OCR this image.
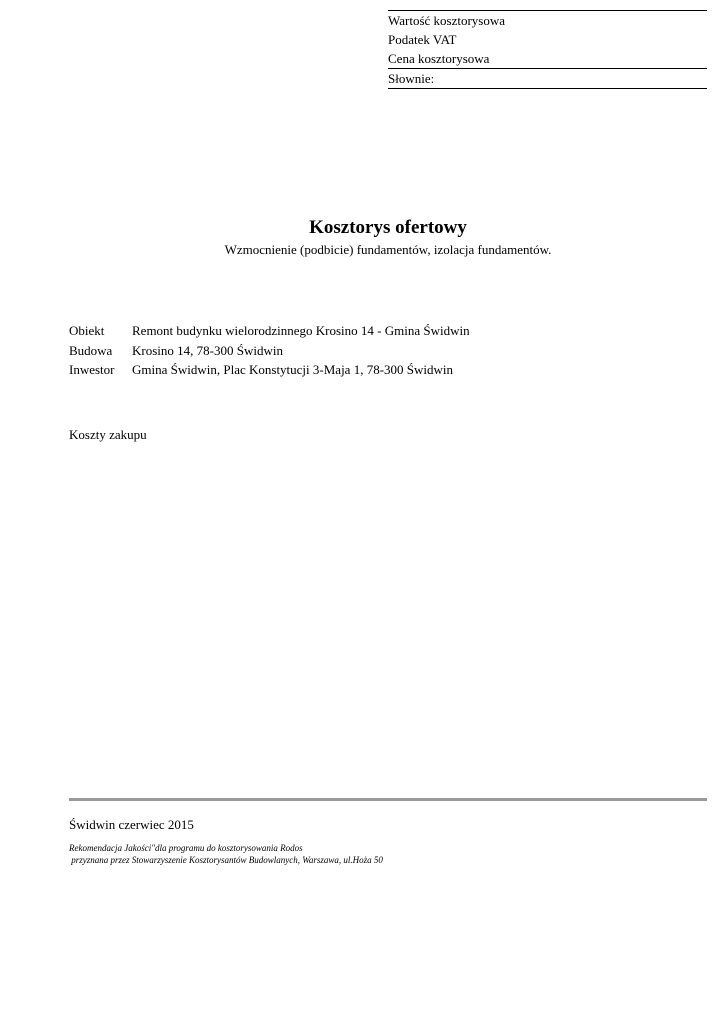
Wartość kosztorysowa
Podatek VAT
Cena kosztorysowa
Słownie:
Kosztorys ofertowy
Wzmocnienie (podbicie) fundamentów, izolacja fundamentów.
Obiekt	Remont budynku wielorodzinnego Krosino 14 - Gmina Świdwin
Budowa	Krosino 14, 78-300 Świdwin
Inwestor	Gmina Świdwin, Plac Konstytucji 3-Maja 1, 78-300 Świdwin
Koszty zakupu
Świdwin czerwiec 2015
Rekomendacja Jakości"dla programu do kosztorysowania Rodos
przyznana przez Stowarzyszenie Kosztorysantów Budowlanych, Warszawa, ul.Hoża 50
